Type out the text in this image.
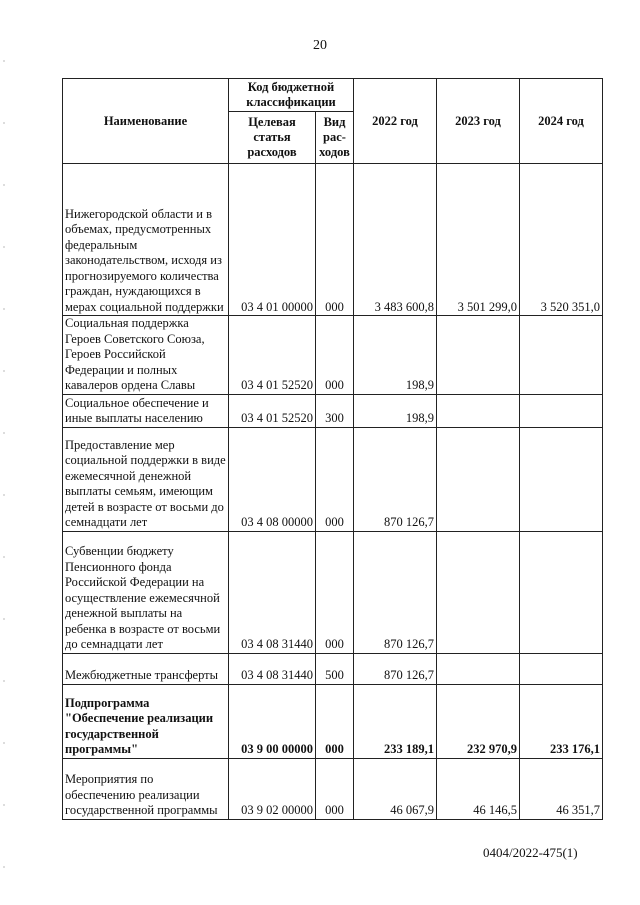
20
Наименование	Код бюджетной классификации		2022 год	2023 год	2024 год
	Целевая статья расходов	Вид рас-ходов			
Нижегородской области и в объемах, предусмотренных федеральным законодательством, исходя из прогнозируемого количества граждан, нуждающихся в мерах социальной поддержки	03 4 01 00000	000	3 483 600,8	3 501 299,0	3 520 351,0
Социальная поддержка Героев Советского Союза, Героев Российской Федерации и полных кавалеров ордена Славы	03 4 01 52520	000	198,9		
Социальное обеспечение и иные выплаты населению	03 4 01 52520	300	198,9		
Предоставление мер социальной поддержки в виде ежемесячной денежной выплаты семьям, имеющим детей в возрасте от восьми до семнадцати лет	03 4 08 00000	000	870 126,7		
Субвенции бюджету Пенсионного фонда Российской Федерации на осуществление ежемесячной денежной выплаты на ребенка в возрасте от восьми до семнадцати лет	03 4 08 31440	000	870 126,7		
Межбюджетные трансферты	03 4 08 31440	500	870 126,7		
Подпрограмма "Обеспечение реализации государственной программы"	03 9 00 00000	000	233 189,1	232 970,9	233 176,1
Мероприятия по обеспечению реализации государственной программы	03 9 02 00000	000	46 067,9	46 146,5	46 351,7
0404/2022-475(1)
